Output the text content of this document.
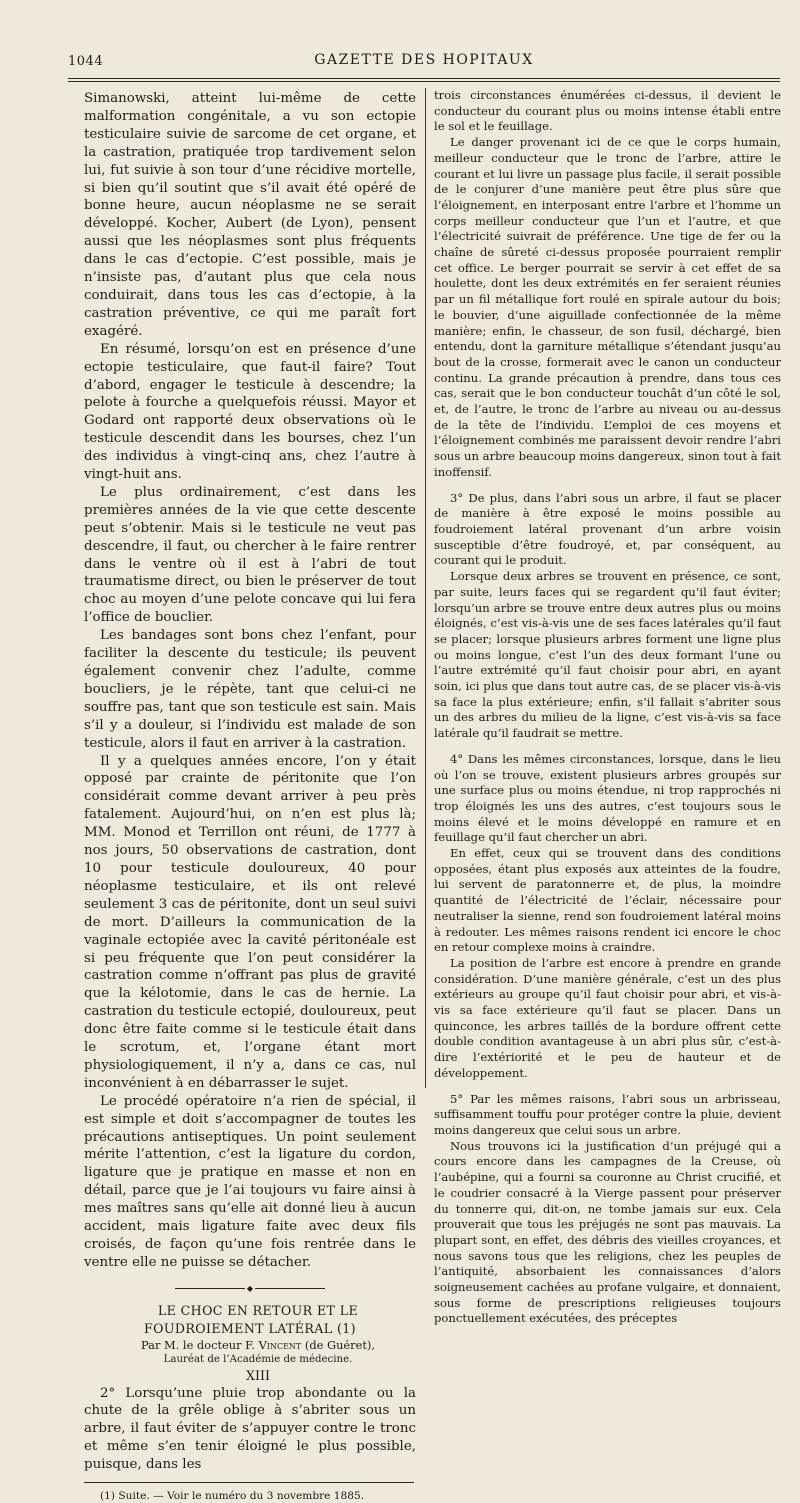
1044	GAZETTE DES HOPITAUX

Simanowski, atteint lui-même de cette malformation congénitale, a vu son ectopie testiculaire suivie de sarcome de cet organe, et la castration, pratiquée trop tardivement selon lui, fut suivie à son tour d’une récidive mortelle, si bien qu’il soutint que s’il avait été opéré de bonne heure, aucun néoplasme ne se serait développé. Kocher, Aubert (de Lyon), pensent aussi que les néoplasmes sont plus fréquents dans le cas d’ectopie. C’est possible, mais je n’insiste pas, d’autant plus que cela nous conduirait, dans tous les cas d’ectopie, à la castration préventive, ce qui me paraît fort exagéré.

En résumé, lorsqu’on est en présence d’une ectopie testiculaire, que faut-il faire? Tout d’abord, engager le testicule à descendre; la pelote à fourche a quelquefois réussi. Mayor et Godard ont rapporté deux observations où le testicule descendit dans les bourses, chez l’un des individus à vingt-cinq ans, chez l’autre à vingt-huit ans.

Le plus ordinairement, c’est dans les premières années de la vie que cette descente peut s’obtenir. Mais si le testicule ne veut pas descendre, il faut, ou chercher à le faire rentrer dans le ventre où il est à l’abri de tout traumatisme direct, ou bien le préserver de tout choc au moyen d’une pelote concave qui lui fera l’office de bouclier.

Les bandages sont bons chez l’enfant, pour faciliter la descente du testicule; ils peuvent également convenir chez l’adulte, comme boucliers, je le répète, tant que celui-ci ne souffre pas, tant que son testicule est sain. Mais s’il y a douleur, si l’individu est malade de son testicule, alors il faut en arriver à la castration.

Il y a quelques années encore, l’on y était opposé par crainte de péritonite que l’on considérait comme devant arriver à peu près fatalement. Aujourd’hui, on n’en est plus là; MM. Monod et Terrillon ont réuni, de 1777 à nos jours, 50 observations de castration, dont 10 pour testicule douloureux, 40 pour néoplasme testiculaire, et ils ont relevé seulement 3 cas de péritonite, dont un seul suivi de mort. D’ailleurs la communication de la vaginale ectopiée avec la cavité péritonéale est si peu fréquente que l’on peut considérer la castration comme n’offrant pas plus de gravité que la kélotomie, dans le cas de hernie. La castration du testicule ectopié, douloureux, peut donc être faite comme si le testicule était dans le scrotum, et, l’organe étant mort physiologiquement, il n’y a, dans ce cas, nul inconvénient à en débarrasser le sujet.

Le procédé opératoire n’a rien de spécial, il est simple et doit s’accompagner de toutes les précautions antiseptiques. Un point seulement mérite l’attention, c’est la ligature du cordon, ligature que je pratique en masse et non en détail, parce que je l’ai toujours vu faire ainsi à mes maîtres sans qu’elle ait donné lieu à aucun accident, mais ligature faite avec deux fils croisés, de façon qu’une fois rentrée dans le ventre elle ne puisse se détacher.

◆

LE CHOC EN RETOUR ET LE FOUDROIEMENT LATÉRAL (1)

Par M. le docteur F. Vincent (de Guéret),

Lauréat de l’Académie de médecine.

XIII

2° Lorsqu’une pluie trop abondante ou la chute de la grêle oblige à s’abriter sous un arbre, il faut éviter de s’appuyer contre le tronc et même s’en tenir éloigné le plus possible, puisque, dans les

(1) Suite. — Voir le numéro du 3 novembre 1885.

trois circonstances énumérées ci-dessus, il devient le conducteur du courant plus ou moins intense établi entre le sol et le feuillage.

Le danger provenant ici de ce que le corps humain, meilleur conducteur que le tronc de l’arbre, attire le courant et lui livre un passage plus facile, il serait possible de le conjurer d’une manière peut être plus sûre que l’éloignement, en interposant entre l’arbre et l’homme un corps meilleur conducteur que l’un et l’autre, et que l’électricité suivrait de préférence. Une tige de fer ou la chaîne de sûreté ci-dessus proposée pourraient remplir cet office. Le berger pourrait se servir à cet effet de sa houlette, dont les deux extrémités en fer seraient réunies par un fil métallique fort roulé en spirale autour du bois; le bouvier, d’une aiguillade confectionnée de la même manière; enfin, le chasseur, de son fusil, déchargé, bien entendu, dont la garniture métallique s’étendant jusqu’au bout de la crosse, formerait avec le canon un conducteur continu. La grande précaution à prendre, dans tous ces cas, serait que le bon conducteur touchât d’un côté le sol, et, de l’autre, le tronc de l’arbre au niveau ou au-dessus de la tête de l’individu. L’emploi de ces moyens et l’éloignement combinés me paraissent devoir rendre l’abri sous un arbre beaucoup moins dangereux, sinon tout à fait inoffensif.

3° De plus, dans l’abri sous un arbre, il faut se placer de manière à être exposé le moins possible au foudroiement latéral provenant d’un arbre voisin susceptible d’être foudroyé, et, par conséquent, au courant qui le produit.

Lorsque deux arbres se trouvent en présence, ce sont, par suite, leurs faces qui se regardent qu’il faut éviter; lorsqu’un arbre se trouve entre deux autres plus ou moins éloignés, c’est vis-à-vis une de ses faces latérales qu’il faut se placer; lorsque plusieurs arbres forment une ligne plus ou moins longue, c’est l’un des deux formant l’une ou l’autre extrémité qu’il faut choisir pour abri, en ayant soin, ici plus que dans tout autre cas, de se placer vis-à-vis sa face la plus extérieure; enfin, s’il fallait s’abriter sous un des arbres du milieu de la ligne, c’est vis-à-vis sa face latérale qu’il faudrait se mettre.

4° Dans les mêmes circonstances, lorsque, dans le lieu où l’on se trouve, existent plusieurs arbres groupés sur une surface plus ou moins étendue, ni trop rapprochés ni trop éloignés les uns des autres, c’est toujours sous le moins élevé et le moins développé en ramure et en feuillage qu’il faut chercher un abri.

En effet, ceux qui se trouvent dans des conditions opposées, étant plus exposés aux atteintes de la foudre, lui servent de paratonnerre et, de plus, la moindre quantité de l’électricité de l’éclair, nécessaire pour neutraliser la sienne, rend son foudroiement latéral moins à redouter. Les mêmes raisons rendent ici encore le choc en retour complexe moins à craindre.

La position de l’arbre est encore à prendre en grande considération. D’une manière générale, c’est un des plus extérieurs au groupe qu’il faut choisir pour abri, et vis-à-vis sa face extérieure qu’il faut se placer. Dans un quinconce, les arbres taillés de la bordure offrent cette double condition avantageuse à un abri plus sûr, c’est-à-dire l’extériorité et le peu de hauteur et de développement.

5° Par les mêmes raisons, l’abri sous un arbrisseau, suffisamment touffu pour protéger contre la pluie, devient moins dangereux que celui sous un arbre.

Nous trouvons ici la justification d’un préjugé qui a cours encore dans les campagnes de la Creuse, où l’aubépine, qui a fourni sa couronne au Christ crucifié, et le coudrier consacré à la Vierge passent pour préserver du tonnerre qui, dit-on, ne tombe jamais sur eux. Cela prouverait que tous les préjugés ne sont pas mauvais. La plupart sont, en effet, des débris des vieilles croyances, et nous savons tous que les religions, chez les peuples de l’antiquité, absorbaient les connaissances d’alors soigneusement cachées au profane vulgaire, et donnaient, sous forme de prescriptions religieuses toujours ponctuellement exécutées, des préceptes
